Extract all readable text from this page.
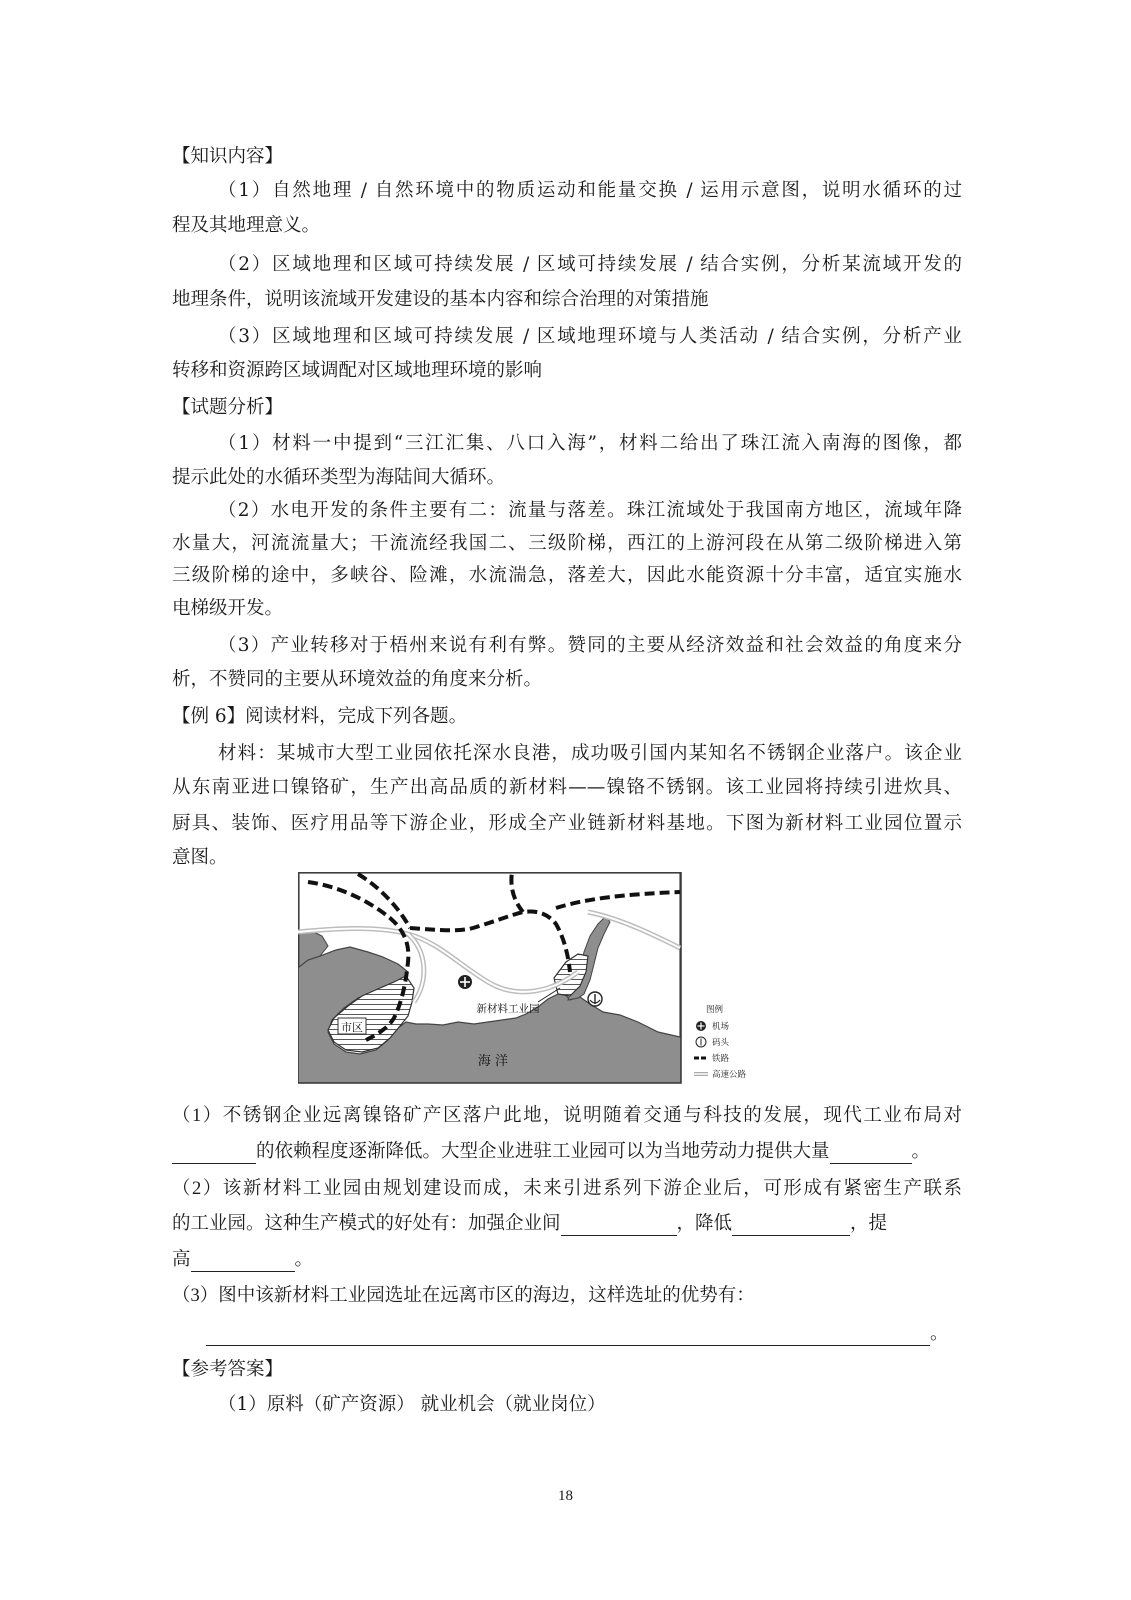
【知识内容】
（1）自然地理 / 自然环境中的物质运动和能量交换 / 运用示意图，说明水循环的过
程及其地理意义。
（2）区域地理和区域可持续发展 / 区域可持续发展 / 结合实例，分析某流域开发的
地理条件，说明该流域开发建设的基本内容和综合治理的对策措施
（3）区域地理和区域可持续发展 / 区域地理环境与人类活动 / 结合实例，分析产业
转移和资源跨区域调配对区域地理环境的影响
【试题分析】
（1）材料一中提到“三江汇集、八口入海”，材料二给出了珠江流入南海的图像，都
提示此处的水循环类型为海陆间大循环。
（2）水电开发的条件主要有二：流量与落差。珠江流域处于我国南方地区，流域年降
水量大，河流流量大；干流流经我国二、三级阶梯，西江的上游河段在从第二级阶梯进入第
三级阶梯的途中，多峡谷、险滩，水流湍急，落差大，因此水能资源十分丰富，适宜实施水
电梯级开发。
（3）产业转移对于梧州来说有利有弊。赞同的主要从经济效益和社会效益的角度来分
析，不赞同的主要从环境效益的角度来分析。
【例 6】阅读材料，完成下列各题。
材料：某城市大型工业园依托深水良港，成功吸引国内某知名不锈钢企业落户。该企业
从东南亚进口镍铬矿，生产出高品质的新材料——镍铬不锈钢。该工业园将持续引进炊具、
厨具、装饰、医疗用品等下游企业，形成全产业链新材料基地。下图为新材料工业园位置示
意图。
市区
新材料工业园
海 洋
图例
机场
码头
铁路
高速公路
（1）不锈钢企业远离镍铬矿产区落户此地，说明随着交通与科技的发展，现代工业布局对
的依赖程度逐渐降低。大型企业进驻工业园可以为当地劳动力提供大量	。
（2）该新材料工业园由规划建设而成，未来引进系列下游企业后，可形成有紧密生产联系
的工业园。这种生产模式的好处有：加强企业间	，降低	，提
高	。
（3）图中该新材料工业园选址在远离市区的海边，这样选址的优势有：
。
【参考答案】
（1）原料（矿产资源） 就业机会（就业岗位）
18
